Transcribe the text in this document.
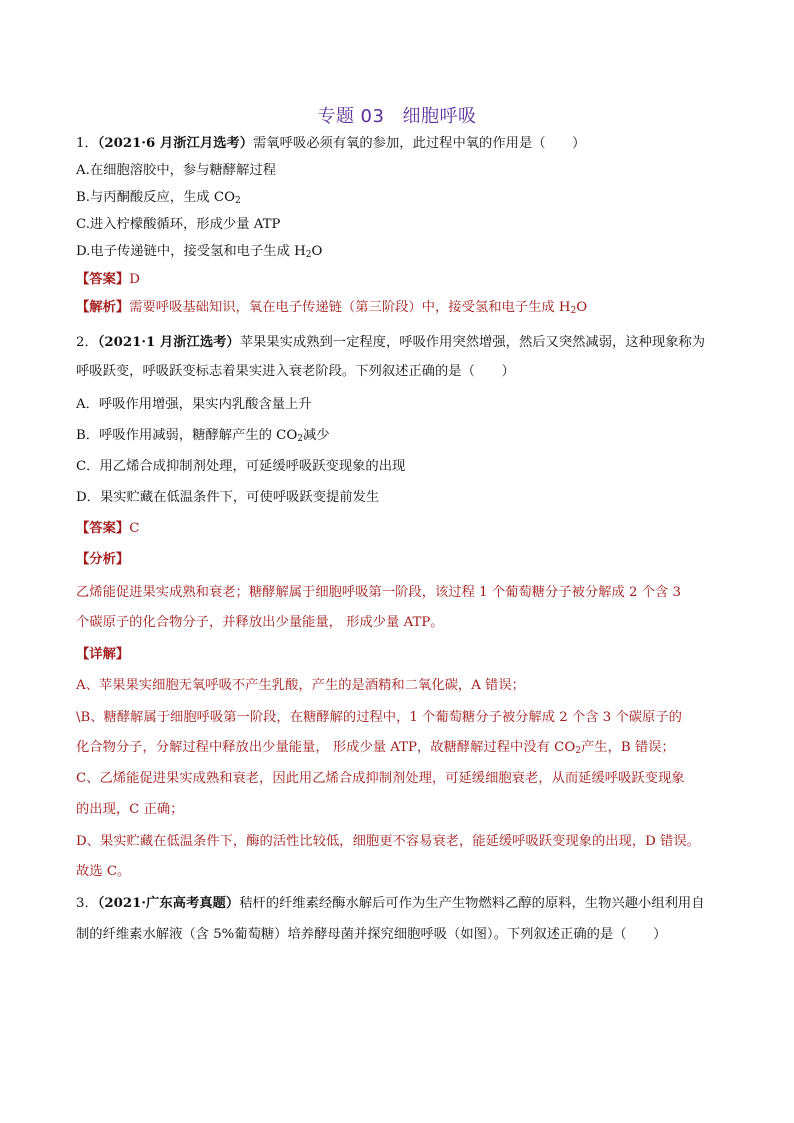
专题 03 细胞呼吸
1．（2021·6 月浙江月选考）需氧呼吸必须有氧的参加，此过程中氧的作用是（　　）
A.在细胞溶胶中，参与糖酵解过程
B.与丙酮酸反应，生成 $CO_2$
C.进入柠檬酸循环，形成少量 ATP
D.电子传递链中，接受氢和电子生成 $H_2O$
【答案】D
【解析】需要呼吸基础知识，氧在电子传递链（第三阶段）中，接受氢和电子生成 $H_2O$
2．（2021·1 月浙江选考）苹果果实成熟到一定程度，呼吸作用突然增强，然后又突然减弱，这种现象称为
呼吸跃变，呼吸跃变标志着果实进入衰老阶段。下列叙述正确的是（　　）
A．呼吸作用增强，果实内乳酸含量上升
B．呼吸作用减弱，糖酵解产生的 $CO_2$减少
C．用乙烯合成抑制剂处理，可延缓呼吸跃变现象的出现
D．果实贮藏在低温条件下，可使呼吸跃变提前发生
【答案】C
【分析】
乙烯能促进果实成熟和衰老；糖酵解属于细胞呼吸第一阶段，该过程 1 个葡萄糖分子被分解成 2 个含 3
个碳原子的化合物分子，并释放出少量能量， 形成少量 ATP。
【详解】
A、苹果果实细胞无氧呼吸不产生乳酸，产生的是酒精和二氧化碳，A 错误；
\B、糖酵解属于细胞呼吸第一阶段，在糖酵解的过程中，1 个葡萄糖分子被分解成 2 个含 3 个碳原子的
化合物分子，分解过程中释放出少量能量， 形成少量 ATP，故糖酵解过程中没有 $CO_2$产生，B 错误；
C、乙烯能促进果实成熟和衰老，因此用乙烯合成抑制剂处理，可延缓细胞衰老，从而延缓呼吸跃变现象
的出现，C 正确；
D、果实贮藏在低温条件下，酶的活性比较低，细胞更不容易衰老，能延缓呼吸跃变现象的出现，D 错误。
故选 C。
3．（2021·广东高考真题）秸杆的纤维素经酶水解后可作为生产生物燃料乙醇的原料，生物兴趣小组利用自
制的纤维素水解液（含 5%葡萄糖）培养酵母菌并探究细胞呼吸（如图）。下列叙述正确的是（　　）
